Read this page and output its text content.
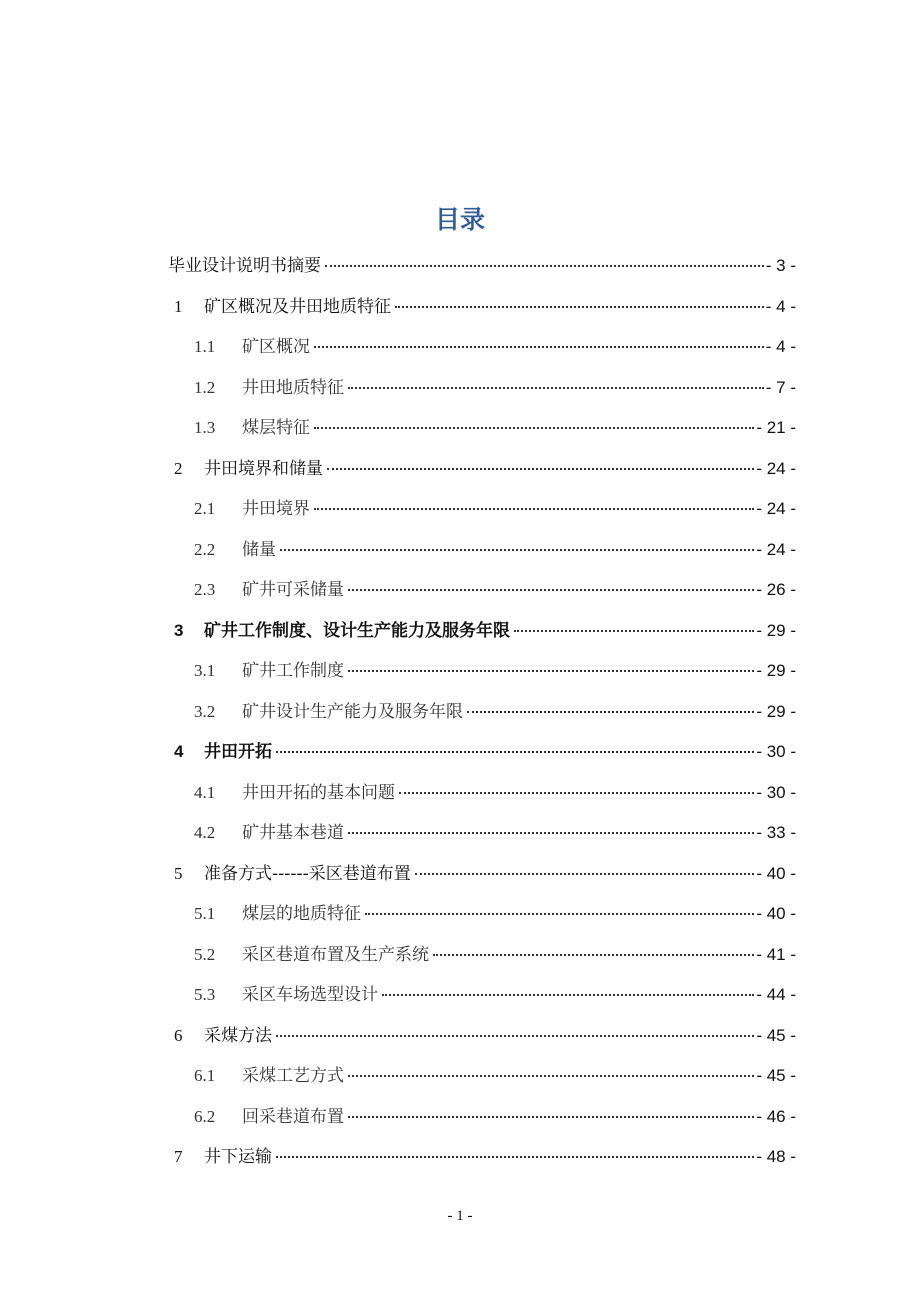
目录
毕业设计说明书摘要	- 3 -
1	矿区概况及井田地质特征	- 4 -
1.1	矿区概况	- 4 -
1.2	井田地质特征	- 7 -
1.3	煤层特征	- 21 -
2	井田境界和储量	- 24 -
2.1	井田境界	- 24 -
2.2	储量	- 24 -
2.3	矿井可采储量	- 26 -
3	矿井工作制度、设计生产能力及服务年限	- 29 -
3.1	矿井工作制度	- 29 -
3.2	矿井设计生产能力及服务年限	- 29 -
4	井田开拓	- 30 -
4.1	井田开拓的基本问题	- 30 -
4.2	矿井基本巷道	- 33 -
5	准备方式------采区巷道布置	- 40 -
5.1	煤层的地质特征	- 40 -
5.2	采区巷道布置及生产系统	- 41 -
5.3	采区车场选型设计	- 44 -
6	采煤方法	- 45 -
6.1	采煤工艺方式	- 45 -
6.2	回采巷道布置	- 46 -
7	井下运输	- 48 -
- 1 -
